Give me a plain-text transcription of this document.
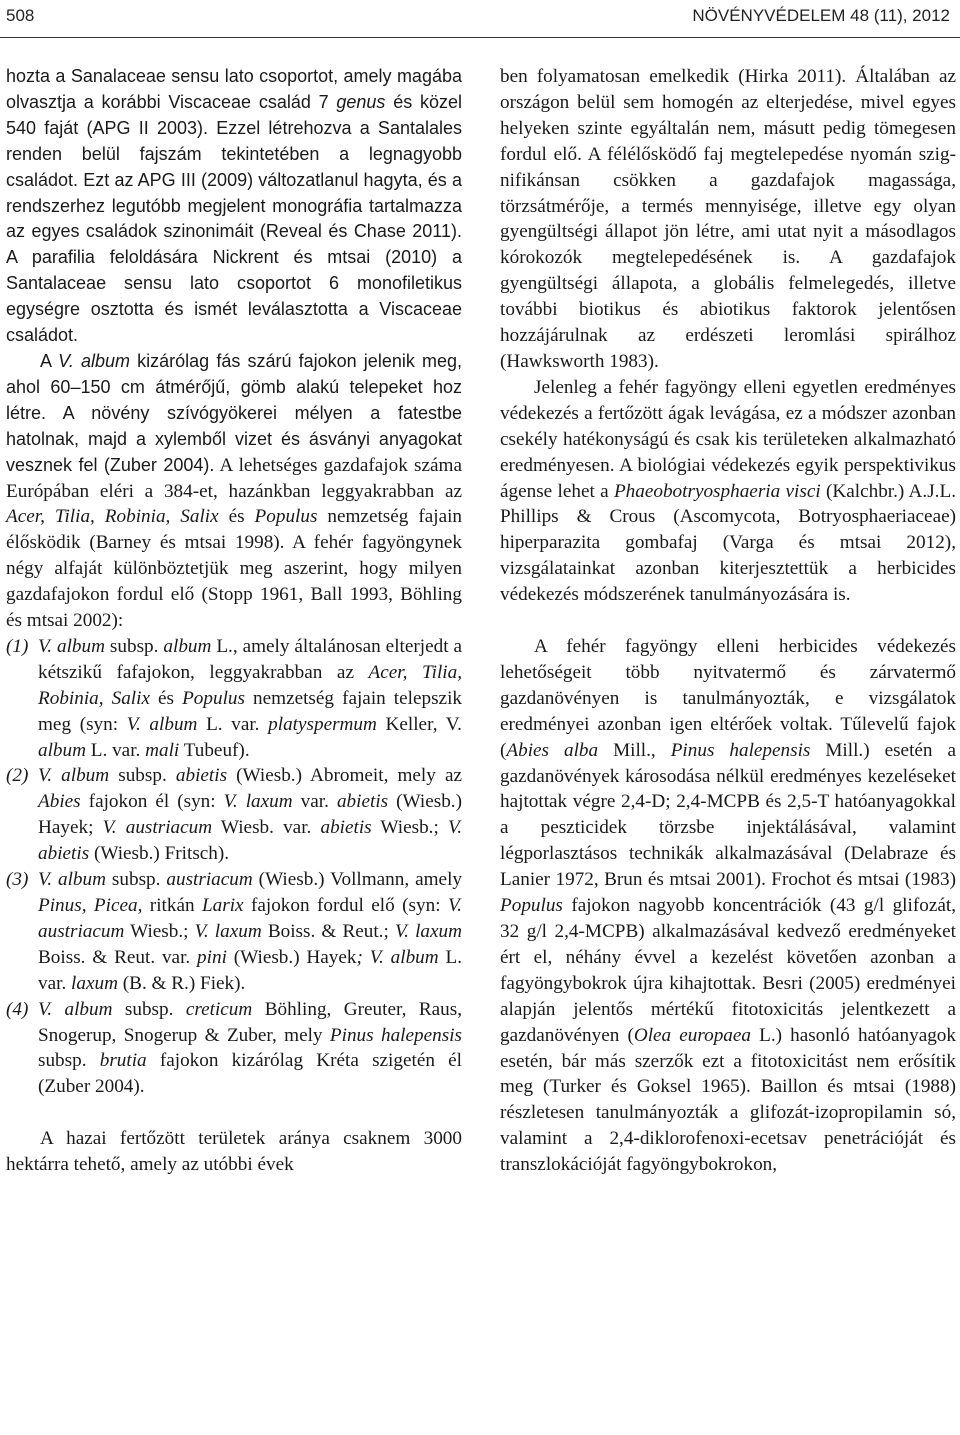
508	NÖVÉNYVÉDELEM 48 (11), 2012

hozta a Sanalaceae sensu lato csoportot, amely magába olvasztja a korábbi Viscaceae család 7 genus és közel 540 faját (APG II 2003). Ezzel létrehozva a Santalales renden belül fajszám tekintetében a legnagyobb családot. Ezt az APG III (2009) változatlanul hagyta, és a rendszerhez legutóbb megjelent monográfia tartalmazza az egyes családok szinonimáit (Reveal és Chase 2011). A parafilia feloldására Nickrent és mtsai (2010) a Santalaceae sensu lato csoportot 6 monofiletikus egységre osztotta és ismét leválasztotta a Viscaceae családot.

A V. album kizárólag fás szárú fajokon jelenik meg, ahol 60–150 cm átmérőjű, gömb alakú telepeket hoz létre. A növény szívógyökerei mélyen a fatestbe hatolnak, majd a xylemből vizet és ásványi anyagokat vesznek fel (Zuber 2004). A lehetséges gazdafajok száma Európában eléri a 384-et, hazánkban leggyakrabban az Acer, Tilia, Robinia, Salix és Populus nemzetség fajain élősködik (Barney és mtsai 1998). A fehér fagyöngynek négy alfaját különböztetjük meg aszerint, hogy milyen gazdafajokon fordul elő (Stopp 1961, Ball 1993, Böhling és mtsai 2002):

(1) V. album subsp. album L., amely általánosan elterjedt a kétszikű fafajokon, leggyakrabban az Acer, Tilia, Robinia, Salix és Populus nemzetség fajain telepszik meg (syn: V. album L. var. platyspermum Keller, V. album L. var. mali Tubeuf).

(2) V. album subsp. abietis (Wiesb.) Abromeit, mely az Abies fajokon él (syn: V. laxum var. abietis (Wiesb.) Hayek; V. austriacum Wiesb. var. abietis Wiesb.; V. abietis (Wiesb.) Fritsch).

(3) V. album subsp. austriacum (Wiesb.) Vollmann, amely Pinus, Picea, ritkán Larix fajokon fordul elő (syn: V. austriacum Wiesb.; V. laxum Boiss. & Reut.; V. laxum Boiss. & Reut. var. pini (Wiesb.) Hayek; V. album L. var. laxum (B. & R.) Fiek).

(4) V. album subsp. creticum Böhling, Greuter, Raus, Snogerup, Snogerup & Zuber, mely Pinus halepensis subsp. brutia fajokon kizárólag Kréta szigetén él (Zuber 2004).

A hazai fertőzött területek aránya csaknem 3000 hektárra tehető, amely az utóbbi évek

ben folyamatosan emelkedik (Hirka 2011). Általában az országon belül sem homogén az elterjedése, mivel egyes helyeken szinte egyáltalán nem, másutt pedig tömegesen fordul elő. A félélősködő faj megtelepedése nyomán szignifikánsan csökken a gazdafajok magassága, törzsátmérője, a termés mennyisége, illetve egy olyan gyengültségi állapot jön létre, ami utat nyit a másodlagos kórokozók megtelepedésének is. A gazdafajok gyengültségi állapota, a globális felmelegedés, illetve további biotikus és abiotikus faktorok jelentősen hozzájárulnak az erdészeti leromlási spirálhoz (Hawksworth 1983).

Jelenleg a fehér fagyöngy elleni egyetlen eredményes védekezés a fertőzött ágak levágása, ez a módszer azonban csekély hatékonyságú és csak kis területeken alkalmazható eredményesen. A biológiai védekezés egyik perspektivikus ágense lehet a Phaeobotryosphaeria visci (Kalchbr.) A.J.L. Phillips & Crous (Ascomycota, Botryosphaeriaceae) hiperparazita gombafaj (Varga és mtsai 2012), vizsgálatainkat azonban kiterjesztettük a herbicides védekezés módszerének tanulmányozására is.

A fehér fagyöngy elleni herbicides védekezés lehetőségeit több nyitvatermő és zárvatermő gazdanövényen is tanulmányozták, e vizsgálatok eredményei azonban igen eltérőek voltak. Tűlevelű fajok (Abies alba Mill., Pinus halepensis Mill.) esetén a gazdanövények károsodása nélkül eredményes kezeléseket hajtottak végre 2,4-D; 2,4-MCPB és 2,5-T hatóanyagokkal a peszticidek törzsbe injektálásával, valamint légporlasztásos technikák alkalmazásával (Delabraze és Lanier 1972, Brun és mtsai 2001). Frochot és mtsai (1983) Populus fajokon nagyobb koncentrációk (43 g/l glifozát, 32 g/l 2,4-MCPB) alkalmazásával kedvező eredményeket ért el, néhány évvel a kezelést követően azonban a fagyöngybokrok újra kihajtottak. Besri (2005) eredményei alapján jelentős mértékű fitotoxicitás jelentkezett a gazdanövényen (Olea europaea L.) hasonló hatóanyagok esetén, bár más szerzők ezt a fitotoxicitást nem erősítik meg (Turker és Goksel 1965). Baillon és mtsai (1988) részletesen tanulmányozták a glifozát-izopropilamin só, valamint a 2,4-diklorofenoxi-ecetsav penetrációját és transzlokációját fagyöngybokrokon,
